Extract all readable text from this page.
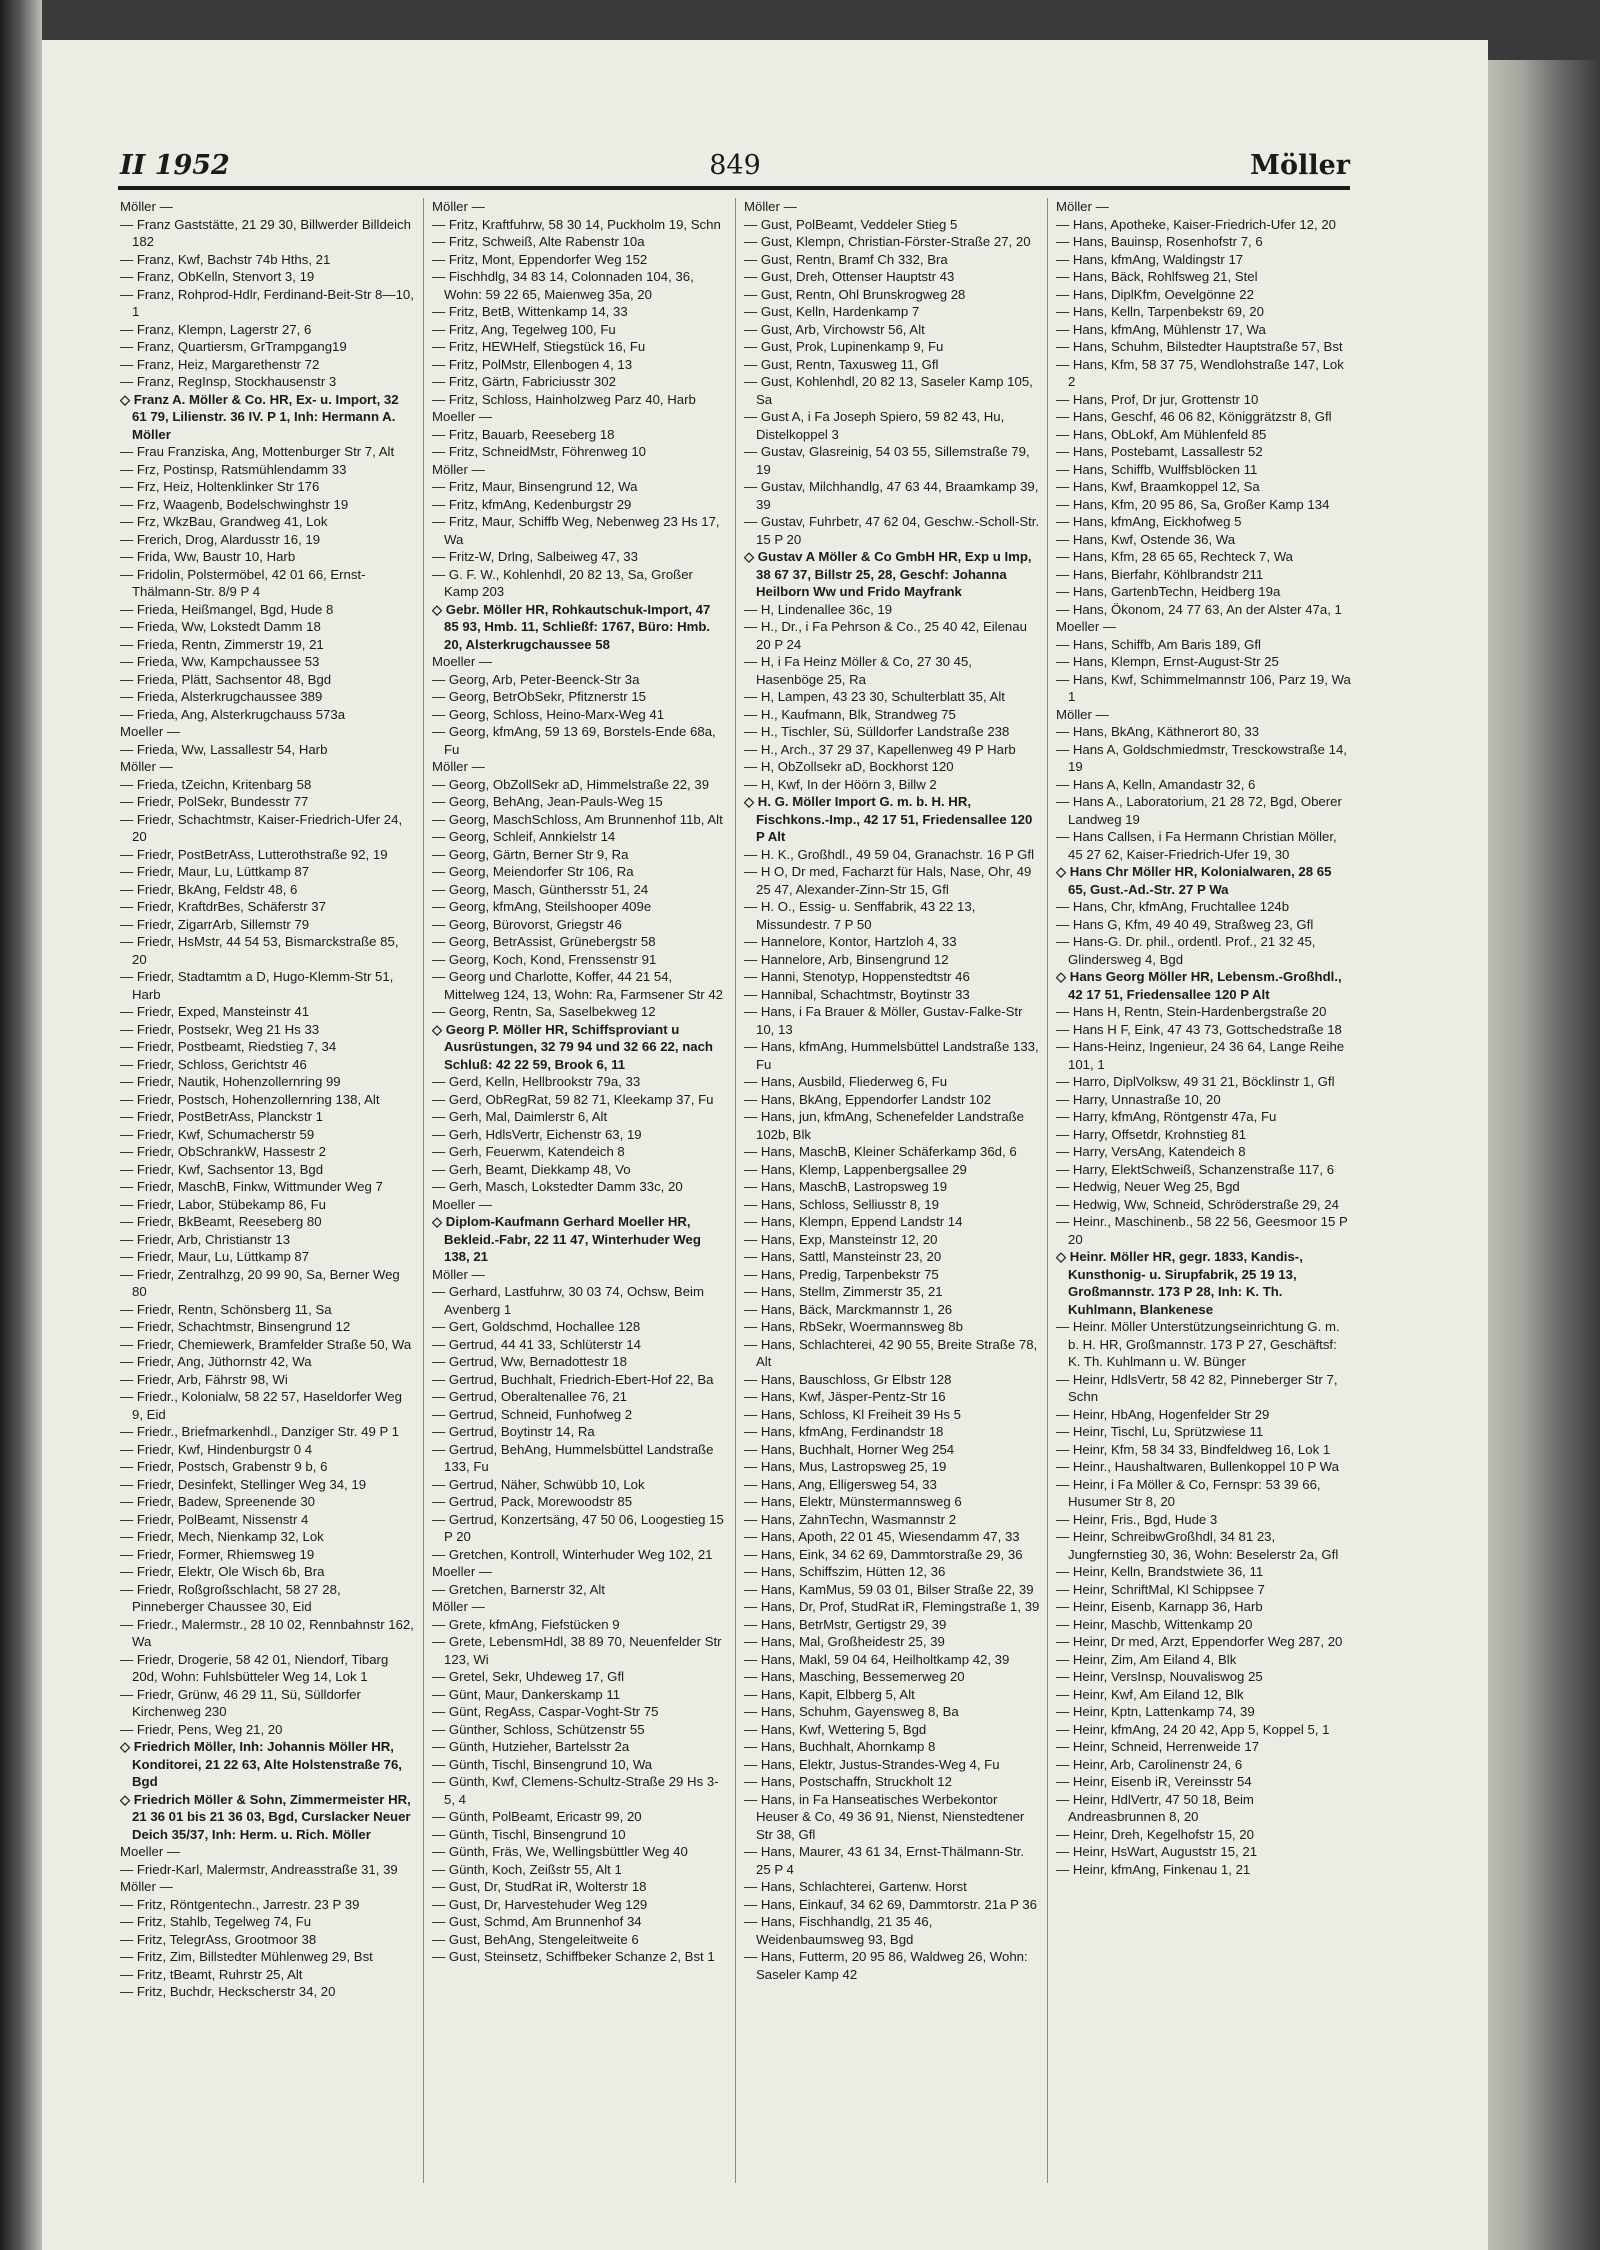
II 1952	849	Möller

Möller —

— Franz Gaststätte, 21 29 30, Billwerder Billdeich 182

— Franz, Kwf, Bachstr 74b Hths, 21

— Franz, ObKelln, Stenvort 3, 19

— Franz, Rohprod-Hdlr, Ferdinand-Beit-Str 8—10, 1

— Franz, Klempn, Lagerstr 27, 6

— Franz, Quartiersm, GrTrampgang19

— Franz, Heiz, Margarethenstr 72

— Franz, RegInsp, Stockhausenstr 3

◇ Franz A. Möller & Co. HR, Ex- u. Import, 32 61 79, Lilienstr. 36 IV. P 1, Inh: Hermann A. Möller

— Frau Franziska, Ang, Mottenburger Str 7, Alt

— Frz, Postinsp, Ratsmühlendamm 33

— Frz, Heiz, Holtenklinker Str 176

— Frz, Waagenb, Bodelschwinghstr 19

— Frz, WkzBau, Grandweg 41, Lok

— Frerich, Drog, Alardusstr 16, 19

— Frida, Ww, Baustr 10, Harb

— Fridolin, Polstermöbel, 42 01 66, Ernst-Thälmann-Str. 8/9 P 4

— Frieda, Heißmangel, Bgd, Hude 8

— Frieda, Ww, Lokstedt Damm 18

— Frieda, Rentn, Zimmerstr 19, 21

— Frieda, Ww, Kampchaussee 53

— Frieda, Plätt, Sachsentor 48, Bgd

— Frieda, Alsterkrugchaussee 389

— Frieda, Ang, Alsterkrugchauss 573a

Moeller —

— Frieda, Ww, Lassallestr 54, Harb

Möller —

— Frieda, tZeichn, Kritenbarg 58

— Friedr, PolSekr, Bundesstr 77

— Friedr, Schachtmstr, Kaiser-Friedrich-Ufer 24, 20

— Friedr, PostBetrAss, Lutterothstraße 92, 19

— Friedr, Maur, Lu, Lüttkamp 87

— Friedr, BkAng, Feldstr 48, 6

— Friedr, KraftdrBes, Schäferstr 37

— Friedr, ZigarrArb, Sillemstr 79

— Friedr, HsMstr, 44 54 53, Bismarckstraße 85, 20

— Friedr, Stadtamtm a D, Hugo-Klemm-Str 51, Harb

— Friedr, Exped, Mansteinstr 41

— Friedr, Postsekr, Weg 21 Hs 33

— Friedr, Postbeamt, Riedstieg 7, 34

— Friedr, Schloss, Gerichtstr 46

— Friedr, Nautik, Hohenzollernring 99

— Friedr, Postsch, Hohenzollernring 138, Alt

— Friedr, PostBetrAss, Planckstr 1

— Friedr, Kwf, Schumacherstr 59

— Friedr, ObSchrankW, Hassestr 2

— Friedr, Kwf, Sachsentor 13, Bgd

— Friedr, MaschB, Finkw, Wittmunder Weg 7

— Friedr, Labor, Stübekamp 86, Fu

— Friedr, BkBeamt, Reeseberg 80

— Friedr, Arb, Christianstr 13

— Friedr, Maur, Lu, Lüttkamp 87

— Friedr, Zentralhzg, 20 99 90, Sa, Berner Weg 80

— Friedr, Rentn, Schönsberg 11, Sa

— Friedr, Schachtmstr, Binsengrund 12

— Friedr, Chemiewerk, Bramfelder Straße 50, Wa

— Friedr, Ang, Jüthornstr 42, Wa

— Friedr, Arb, Fährstr 98, Wi

— Friedr., Kolonialw, 58 22 57, Haseldorfer Weg 9, Eid

— Friedr., Briefmarkenhdl., Danziger Str. 49 P 1

— Friedr, Kwf, Hindenburgstr 0 4

— Friedr, Postsch, Grabenstr 9 b, 6

— Friedr, Desinfekt, Stellinger Weg 34, 19

— Friedr, Badew, Spreenende 30

— Friedr, PolBeamt, Nissenstr 4

— Friedr, Mech, Nienkamp 32, Lok

— Friedr, Former, Rhiemsweg 19

— Friedr, Elektr, Ole Wisch 6b, Bra

— Friedr, Roßgroßschlacht, 58 27 28, Pinneberger Chaussee 30, Eid

— Friedr., Malermstr., 28 10 02, Rennbahnstr 162, Wa

— Friedr, Drogerie, 58 42 01, Niendorf, Tibarg 20d, Wohn: Fuhlsbütteler Weg 14, Lok 1

— Friedr, Grünw, 46 29 11, Sü, Sülldorfer Kirchenweg 230

— Friedr, Pens, Weg 21, 20

◇ Friedrich Möller, Inh: Johannis Möller HR, Konditorei, 21 22 63, Alte Holstenstraße 76, Bgd

◇ Friedrich Möller & Sohn, Zimmermeister HR, 21 36 01 bis 21 36 03, Bgd, Curslacker Neuer Deich 35/37, Inh: Herm. u. Rich. Möller

Moeller —

— Friedr-Karl, Malermstr, Andreasstraße 31, 39

Möller —

— Fritz, Röntgentechn., Jarrestr. 23 P 39

— Fritz, Stahlb, Tegelweg 74, Fu

— Fritz, TelegrAss, Grootmoor 38

— Fritz, Zim, Billstedter Mühlenweg 29, Bst

— Fritz, tBeamt, Ruhrstr 25, Alt

— Fritz, Buchdr, Heckscherstr 34, 20

Möller —

— Fritz, Kraftfuhrw, 58 30 14, Puckholm 19, Schn

— Fritz, Schweiß, Alte Rabenstr 10a

— Fritz, Mont, Eppendorfer Weg 152

— Fischhdlg, 34 83 14, Colonnaden 104, 36, Wohn: 59 22 65, Maienweg 35a, 20

— Fritz, BetB, Wittenkamp 14, 33

— Fritz, Ang, Tegelweg 100, Fu

— Fritz, HEWHelf, Stiegstück 16, Fu

— Fritz, PolMstr, Ellenbogen 4, 13

— Fritz, Gärtn, Fabriciusstr 302

— Fritz, Schloss, Hainholzweg Parz 40, Harb

Moeller —

— Fritz, Bauarb, Reeseberg 18

— Fritz, SchneidMstr, Föhrenweg 10

Möller —

— Fritz, Maur, Binsengrund 12, Wa

— Fritz, kfmAng, Kedenburgstr 29

— Fritz, Maur, Schiffb Weg, Nebenweg 23 Hs 17, Wa

— Fritz-W, Drlng, Salbeiweg 47, 33

— G. F. W., Kohlenhdl, 20 82 13, Sa, Großer Kamp 203

◇ Gebr. Möller HR, Rohkautschuk-Import, 47 85 93, Hmb. 11, Schließf: 1767, Büro: Hmb. 20, Alsterkrugchaussee 58

Moeller —

— Georg, Arb, Peter-Beenck-Str 3a

— Georg, BetrObSekr, Pfitznerstr 15

— Georg, Schloss, Heino-Marx-Weg 41

— Georg, kfmAng, 59 13 69, Borstels-Ende 68a, Fu

Möller —

— Georg, ObZollSekr aD, Himmelstraße 22, 39

— Georg, BehAng, Jean-Pauls-Weg 15

— Georg, MaschSchloss, Am Brunnenhof 11b, Alt

— Georg, Schleif, Annkielstr 14

— Georg, Gärtn, Berner Str 9, Ra

— Georg, Meiendorfer Str 106, Ra

— Georg, Masch, Günthersstr 51, 24

— Georg, kfmAng, Steilshooper 409e

— Georg, Bürovorst, Griegstr 46

— Georg, BetrAssist, Grünebergstr 58

— Georg, Koch, Kond, Frenssenstr 91

— Georg und Charlotte, Koffer, 44 21 54, Mittelweg 124, 13, Wohn: Ra, Farmsener Str 42

— Georg, Rentn, Sa, Saselbekweg 12

◇ Georg P. Möller HR, Schiffsproviant u Ausrüstungen, 32 79 94 und 32 66 22, nach Schluß: 42 22 59, Brook 6, 11

— Gerd, Kelln, Hellbrookstr 79a, 33

— Gerd, ObRegRat, 59 82 71, Kleekamp 37, Fu

— Gerh, Mal, Daimlerstr 6, Alt

— Gerh, HdlsVertr, Eichenstr 63, 19

— Gerh, Feuerwm, Katendeich 8

— Gerh, Beamt, Diekkamp 48, Vo

— Gerh, Masch, Lokstedter Damm 33c, 20

Moeller —

◇ Diplom-Kaufmann Gerhard Moeller HR, Bekleid.-Fabr, 22 11 47, Winterhuder Weg 138, 21

Möller —

— Gerhard, Lastfuhrw, 30 03 74, Ochsw, Beim Avenberg 1

— Gert, Goldschmd, Hochallee 128

— Gertrud, 44 41 33, Schlüterstr 14

— Gertrud, Ww, Bernadottestr 18

— Gertrud, Buchhalt, Friedrich-Ebert-Hof 22, Ba

— Gertrud, Oberaltenallee 76, 21

— Gertrud, Schneid, Funhofweg 2

— Gertrud, Boytinstr 14, Ra

— Gertrud, BehAng, Hummelsbüttel Landstraße 133, Fu

— Gertrud, Näher, Schwübb 10, Lok

— Gertrud, Pack, Morewoodstr 85

— Gertrud, Konzertsäng, 47 50 06, Loogestieg 15 P 20

— Gretchen, Kontroll, Winterhuder Weg 102, 21

Moeller —

— Gretchen, Barnerstr 32, Alt

Möller —

— Grete, kfmAng, Fiefstücken 9

— Grete, LebensmHdl, 38 89 70, Neuenfelder Str 123, Wi

— Gretel, Sekr, Uhdeweg 17, Gfl

— Günt, Maur, Dankerskamp 11

— Günt, RegAss, Caspar-Voght-Str 75

— Günther, Schloss, Schützenstr 55

— Günth, Hutzieher, Bartelsstr 2a

— Günth, Tischl, Binsengrund 10, Wa

— Günth, Kwf, Clemens-Schultz-Straße 29 Hs 3-5, 4

— Günth, PolBeamt, Ericastr 99, 20

— Günth, Tischl, Binsengrund 10

— Günth, Fräs, We, Wellingsbüttler Weg 40

— Günth, Koch, Zeißstr 55, Alt 1

— Gust, Dr, StudRat iR, Wolterstr 18

— Gust, Dr, Harvestehuder Weg 129

— Gust, Schmd, Am Brunnenhof 34

— Gust, BehAng, Stengeleitweite 6

— Gust, Steinsetz, Schiffbeker Schanze 2, Bst 1

Möller —

— Gust, PolBeamt, Veddeler Stieg 5

— Gust, Klempn, Christian-Förster-Straße 27, 20

— Gust, Rentn, Bramf Ch 332, Bra

— Gust, Dreh, Ottenser Hauptstr 43

— Gust, Rentn, Ohl Brunskrogweg 28

— Gust, Kelln, Hardenkamp 7

— Gust, Arb, Virchowstr 56, Alt

— Gust, Prok, Lupinenkamp 9, Fu

— Gust, Rentn, Taxusweg 11, Gfl

— Gust, Kohlenhdl, 20 82 13, Saseler Kamp 105, Sa

— Gust A, i Fa Joseph Spiero, 59 82 43, Hu, Distelkoppel 3

— Gustav, Glasreinig, 54 03 55, Sillemstraße 79, 19

— Gustav, Milchhandlg, 47 63 44, Braamkamp 39, 39

— Gustav, Fuhrbetr, 47 62 04, Geschw.-Scholl-Str. 15 P 20

◇ Gustav A Möller & Co GmbH HR, Exp u Imp, 38 67 37, Billstr 25, 28, Geschf: Johanna Heilborn Ww und Frido Mayfrank

— H, Lindenallee 36c, 19

— H., Dr., i Fa Pehrson & Co., 25 40 42, Eilenau 20 P 24

— H, i Fa Heinz Möller & Co, 27 30 45, Hasenböge 25, Ra

— H, Lampen, 43 23 30, Schulterblatt 35, Alt

— H., Kaufmann, Blk, Strandweg 75

— H., Tischler, Sü, Sülldorfer Landstraße 238

— H., Arch., 37 29 37, Kapellenweg 49 P Harb

— H, ObZollsekr aD, Bockhorst 120

— H, Kwf, In der Höörn 3, Billw 2

◇ H. G. Möller Import G. m. b. H. HR, Fischkons.-Imp., 42 17 51, Friedensallee 120 P Alt

— H. K., Großhdl., 49 59 04, Granachstr. 16 P Gfl

— H O, Dr med, Facharzt für Hals, Nase, Ohr, 49 25 47, Alexander-Zinn-Str 15, Gfl

— H. O., Essig- u. Senffabrik, 43 22 13, Missundestr. 7 P 50

— Hannelore, Kontor, Hartzloh 4, 33

— Hannelore, Arb, Binsengrund 12

— Hanni, Stenotyp, Hoppenstedtstr 46

— Hannibal, Schachtmstr, Boytinstr 33

— Hans, i Fa Brauer & Möller, Gustav-Falke-Str 10, 13

— Hans, kfmAng, Hummelsbüttel Landstraße 133, Fu

— Hans, Ausbild, Fliederweg 6, Fu

— Hans, BkAng, Eppendorfer Landstr 102

— Hans, jun, kfmAng, Schenefelder Landstraße 102b, Blk

— Hans, MaschB, Kleiner Schäferkamp 36d, 6

— Hans, Klemp, Lappenbergsallee 29

— Hans, MaschB, Lastropsweg 19

— Hans, Schloss, Selliusstr 8, 19

— Hans, Klempn, Eppend Landstr 14

— Hans, Exp, Mansteinstr 12, 20

— Hans, Sattl, Mansteinstr 23, 20

— Hans, Predig, Tarpenbekstr 75

— Hans, Stellm, Zimmerstr 35, 21

— Hans, Bäck, Marckmannstr 1, 26

— Hans, RbSekr, Woermannsweg 8b

— Hans, Schlachterei, 42 90 55, Breite Straße 78, Alt

— Hans, Bauschloss, Gr Elbstr 128

— Hans, Kwf, Jäsper-Pentz-Str 16

— Hans, Schloss, Kl Freiheit 39 Hs 5

— Hans, kfmAng, Ferdinandstr 18

— Hans, Buchhalt, Horner Weg 254

— Hans, Mus, Lastropsweg 25, 19

— Hans, Ang, Elligersweg 54, 33

— Hans, Elektr, Münstermannsweg 6

— Hans, ZahnTechn, Wasmannstr 2

— Hans, Apoth, 22 01 45, Wiesendamm 47, 33

— Hans, Eink, 34 62 69, Dammtorstraße 29, 36

— Hans, Schiffszim, Hütten 12, 36

— Hans, KamMus, 59 03 01, Bilser Straße 22, 39

— Hans, Dr, Prof, StudRat iR, Flemingstraße 1, 39

— Hans, BetrMstr, Gertigstr 29, 39

— Hans, Mal, Großheidestr 25, 39

— Hans, Makl, 59 04 64, Heilholtkamp 42, 39

— Hans, Masching, Bessemerweg 20

— Hans, Kapit, Elbberg 5, Alt

— Hans, Schuhm, Gayensweg 8, Ba

— Hans, Kwf, Wettering 5, Bgd

— Hans, Buchhalt, Ahornkamp 8

— Hans, Elektr, Justus-Strandes-Weg 4, Fu

— Hans, Postschaffn, Struckholt 12

— Hans, in Fa Hanseatisches Werbekontor Heuser & Co, 49 36 91, Nienst, Nienstedtener Str 38, Gfl

— Hans, Maurer, 43 61 34, Ernst-Thälmann-Str. 25 P 4

— Hans, Schlachterei, Gartenw. Horst

— Hans, Einkauf, 34 62 69, Dammtorstr. 21a P 36

— Hans, Fischhandlg, 21 35 46, Weidenbaumsweg 93, Bgd

— Hans, Futterm, 20 95 86, Waldweg 26, Wohn: Saseler Kamp 42

Möller —

— Hans, Apotheke, Kaiser-Friedrich-Ufer 12, 20

— Hans, Bauinsp, Rosenhofstr 7, 6

— Hans, kfmAng, Waldingstr 17

— Hans, Bäck, Rohlfsweg 21, Stel

— Hans, DiplKfm, Oevelgönne 22

— Hans, Kelln, Tarpenbekstr 69, 20

— Hans, kfmAng, Mühlenstr 17, Wa

— Hans, Schuhm, Bilstedter Hauptstraße 57, Bst

— Hans, Kfm, 58 37 75, Wendlohstraße 147, Lok 2

— Hans, Prof, Dr jur, Grottenstr 10

— Hans, Geschf, 46 06 82, Königgrätzstr 8, Gfl

— Hans, ObLokf, Am Mühlenfeld 85

— Hans, Postebamt, Lassallestr 52

— Hans, Schiffb, Wulffsblöcken 11

— Hans, Kwf, Braamkoppel 12, Sa

— Hans, Kfm, 20 95 86, Sa, Großer Kamp 134

— Hans, kfmAng, Eickhofweg 5

— Hans, Kwf, Ostende 36, Wa

— Hans, Kfm, 28 65 65, Rechteck 7, Wa

— Hans, Bierfahr, Köhlbrandstr 211

— Hans, GartenbTechn, Heidberg 19a

— Hans, Ökonom, 24 77 63, An der Alster 47a, 1

Moeller —

— Hans, Schiffb, Am Baris 189, Gfl

— Hans, Klempn, Ernst-August-Str 25

— Hans, Kwf, Schimmelmannstr 106, Parz 19, Wa 1

Möller —

— Hans, BkAng, Käthnerort 80, 33

— Hans A, Goldschmiedmstr, Tresckowstraße 14, 19

— Hans A, Kelln, Amandastr 32, 6

— Hans A., Laboratorium, 21 28 72, Bgd, Oberer Landweg 19

— Hans Callsen, i Fa Hermann Christian Möller, 45 27 62, Kaiser-Friedrich-Ufer 19, 30

◇ Hans Chr Möller HR, Kolonialwaren, 28 65 65, Gust.-Ad.-Str. 27 P Wa

— Hans, Chr, kfmAng, Fruchtallee 124b

— Hans G, Kfm, 49 40 49, Straßweg 23, Gfl

— Hans-G. Dr. phil., ordentl. Prof., 21 32 45, Glindersweg 4, Bgd

◇ Hans Georg Möller HR, Lebensm.-Großhdl., 42 17 51, Friedensallee 120 P Alt

— Hans H, Rentn, Stein-Hardenbergstraße 20

— Hans H F, Eink, 47 43 73, Gottschedstraße 18

— Hans-Heinz, Ingenieur, 24 36 64, Lange Reihe 101, 1

— Harro, DiplVolksw, 49 31 21, Böcklinstr 1, Gfl

— Harry, Unnastraße 10, 20

— Harry, kfmAng, Röntgenstr 47a, Fu

— Harry, Offsetdr, Krohnstieg 81

— Harry, VersAng, Katendeich 8

— Harry, ElektSchweiß, Schanzenstraße 117, 6

— Hedwig, Neuer Weg 25, Bgd

— Hedwig, Ww, Schneid, Schröderstraße 29, 24

— Heinr., Maschinenb., 58 22 56, Geesmoor 15 P 20

◇ Heinr. Möller HR, gegr. 1833, Kandis-, Kunsthonig- u. Sirupfabrik, 25 19 13, Großmannstr. 173 P 28, Inh: K. Th. Kuhlmann, Blankenese

— Heinr. Möller Unterstützungseinrichtung G. m. b. H. HR, Großmannstr. 173 P 27, Geschäftsf: K. Th. Kuhlmann u. W. Bünger

— Heinr, HdlsVertr, 58 42 82, Pinneberger Str 7, Schn

— Heinr, HbAng, Hogenfelder Str 29

— Heinr, Tischl, Lu, Sprützwiese 11

— Heinr, Kfm, 58 34 33, Bindfeldweg 16, Lok 1

— Heinr., Haushaltwaren, Bullenkoppel 10 P Wa

— Heinr, i Fa Möller & Co, Fernspr: 53 39 66, Husumer Str 8, 20

— Heinr, Fris., Bgd, Hude 3

— Heinr, SchreibwGroßhdl, 34 81 23, Jungfernstieg 30, 36, Wohn: Beselerstr 2a, Gfl

— Heinr, Kelln, Brandstwiete 36, 11

— Heinr, SchriftMal, Kl Schippsee 7

— Heinr, Eisenb, Karnapp 36, Harb

— Heinr, Maschb, Wittenkamp 20

— Heinr, Dr med, Arzt, Eppendorfer Weg 287, 20

— Heinr, Zim, Am Eiland 4, Blk

— Heinr, VersInsp, Nouvaliswog 25

— Heinr, Kwf, Am Eiland 12, Blk

— Heinr, Kptn, Lattenkamp 74, 39

— Heinr, kfmAng, 24 20 42, App 5, Koppel 5, 1

— Heinr, Schneid, Herrenweide 17

— Heinr, Arb, Carolinenstr 24, 6

— Heinr, Eisenb iR, Vereinsstr 54

— Heinr, HdlVertr, 47 50 18, Beim Andreasbrunnen 8, 20

— Heinr, Dreh, Kegelhofstr 15, 20

— Heinr, HsWart, Auguststr 15, 21

— Heinr, kfmAng, Finkenau 1, 21
